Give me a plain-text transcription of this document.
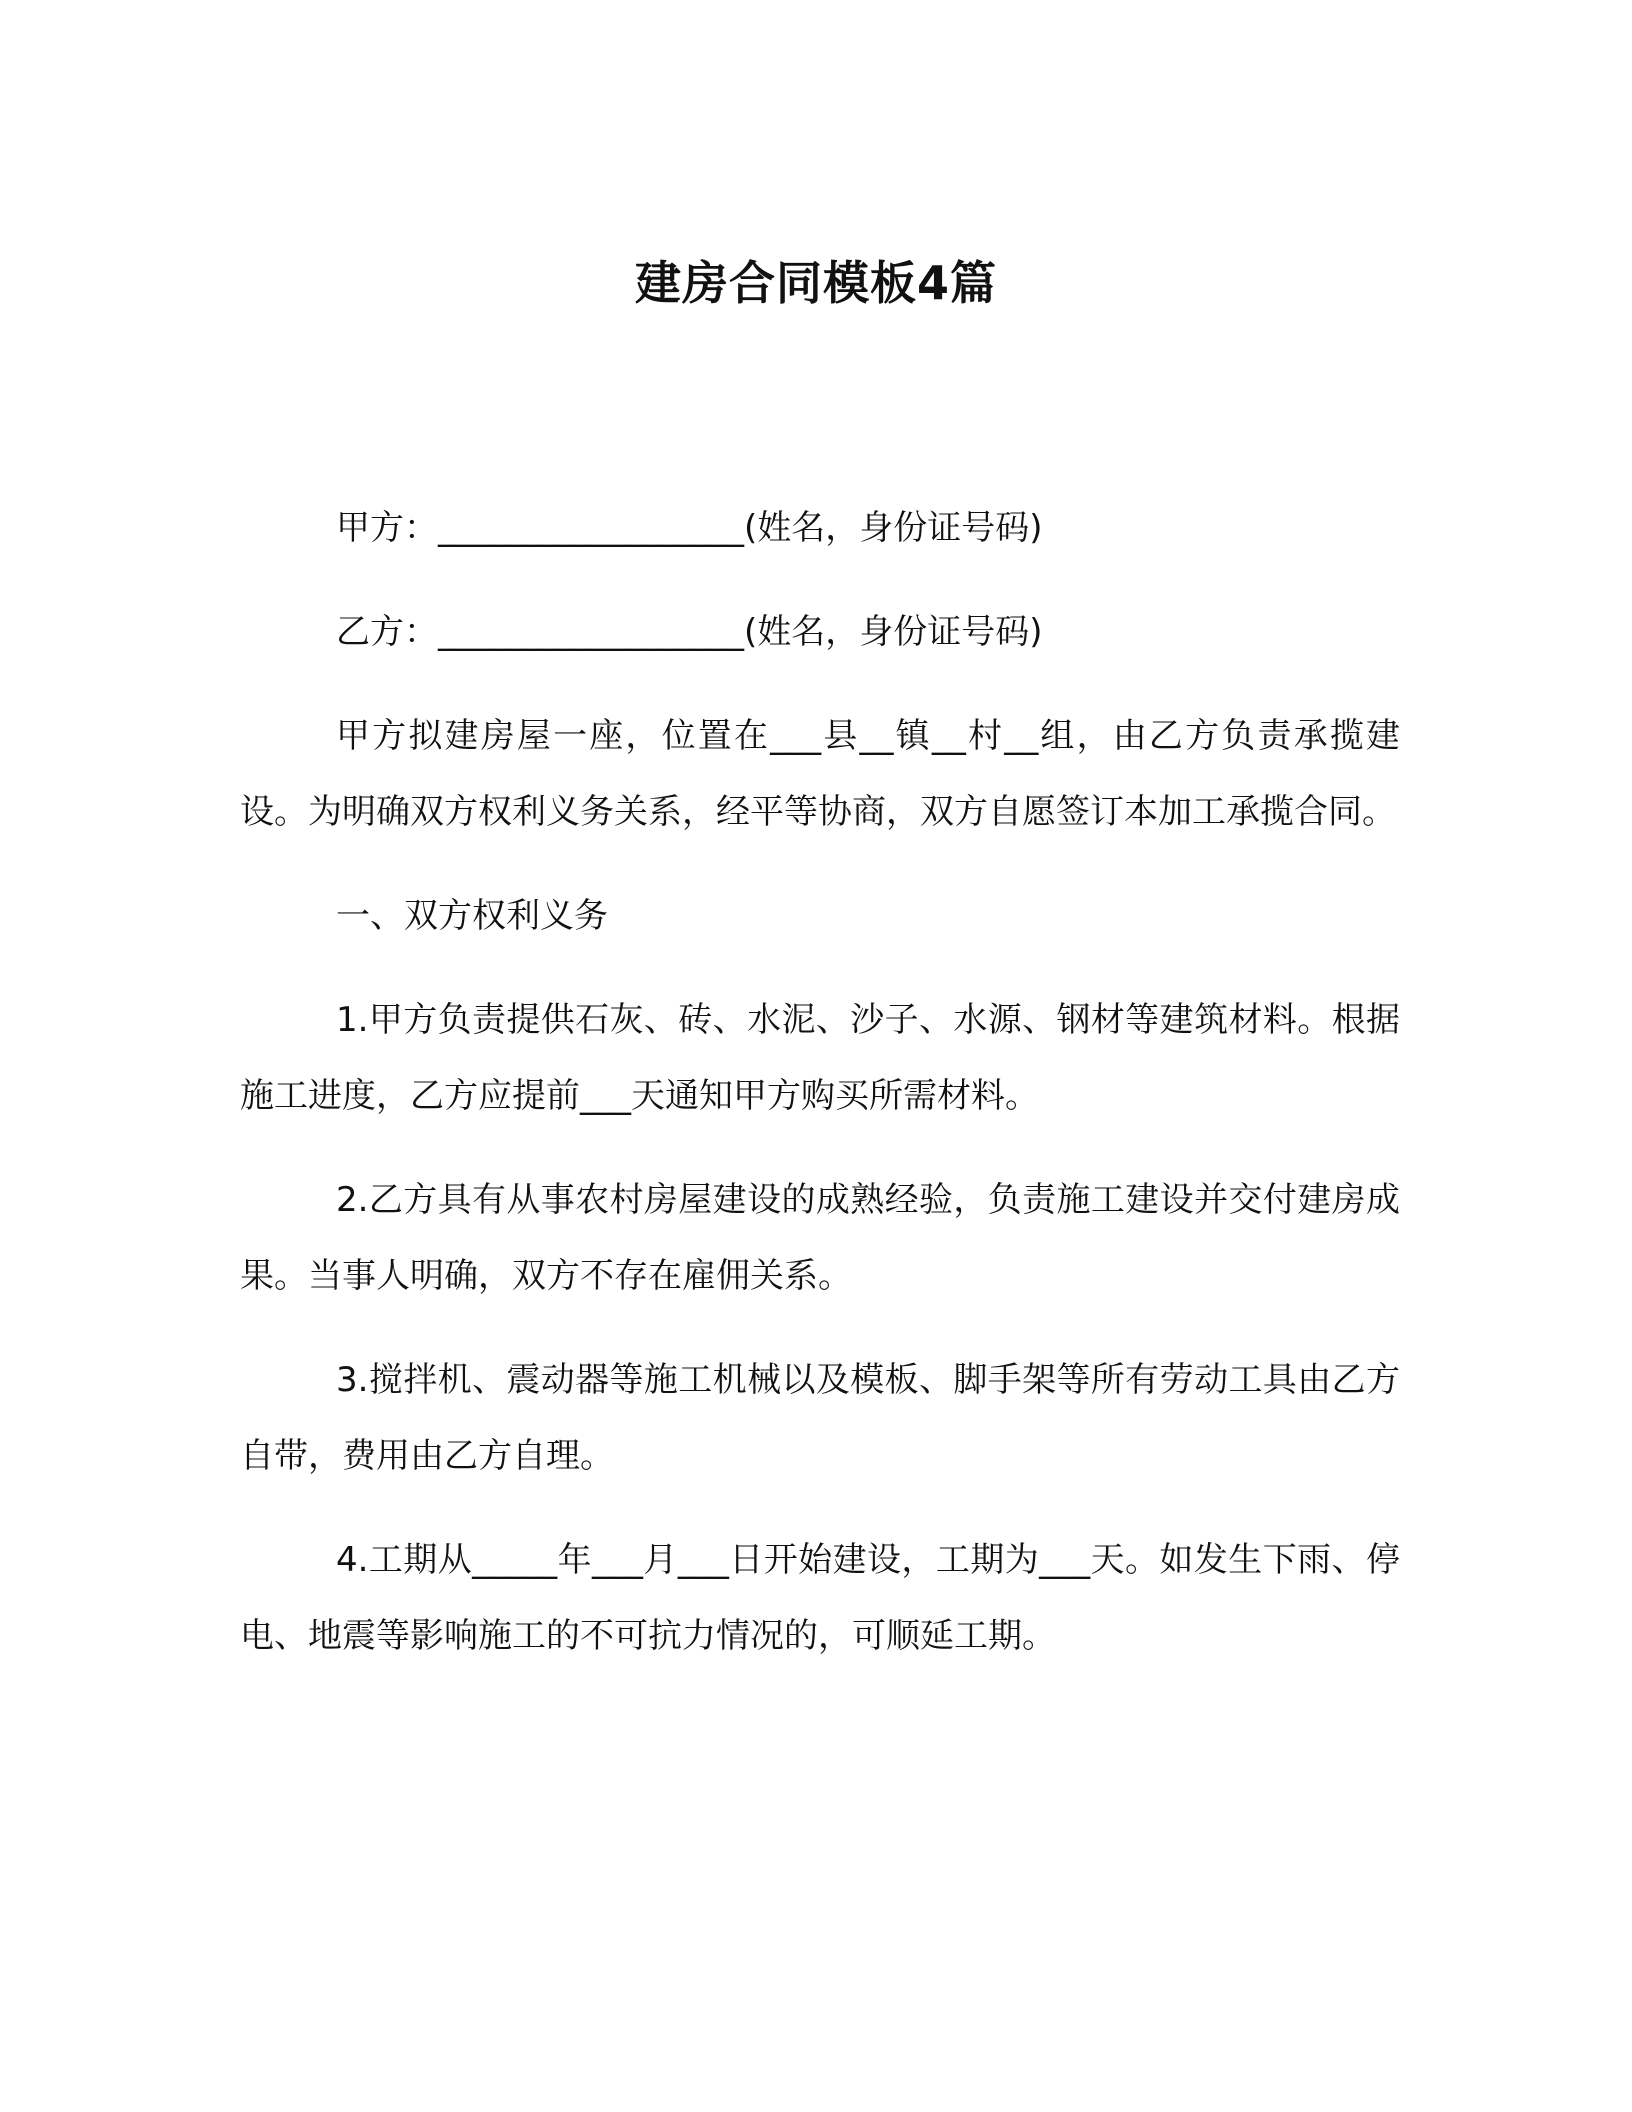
建房合同模板4篇

甲方：__________________(姓名，身份证号码)

乙方：__________________(姓名，身份证号码)

甲方拟建房屋一座，位置在___县__镇__村__组，由乙方负责承揽建设。为明确双方权利义务关系，经平等协商，双方自愿签订本加工承揽合同。

一、双方权利义务

1.甲方负责提供石灰、砖、水泥、沙子、水源、钢材等建筑材料。根据施工进度，乙方应提前___天通知甲方购买所需材料。

2.乙方具有从事农村房屋建设的成熟经验，负责施工建设并交付建房成果。当事人明确，双方不存在雇佣关系。

3.搅拌机、震动器等施工机械以及模板、脚手架等所有劳动工具由乙方自带，费用由乙方自理。

4.工期从_____年___月___日开始建设，工期为___天。如发生下雨、停电、地震等影响施工的不可抗力情况的，可顺延工期。
